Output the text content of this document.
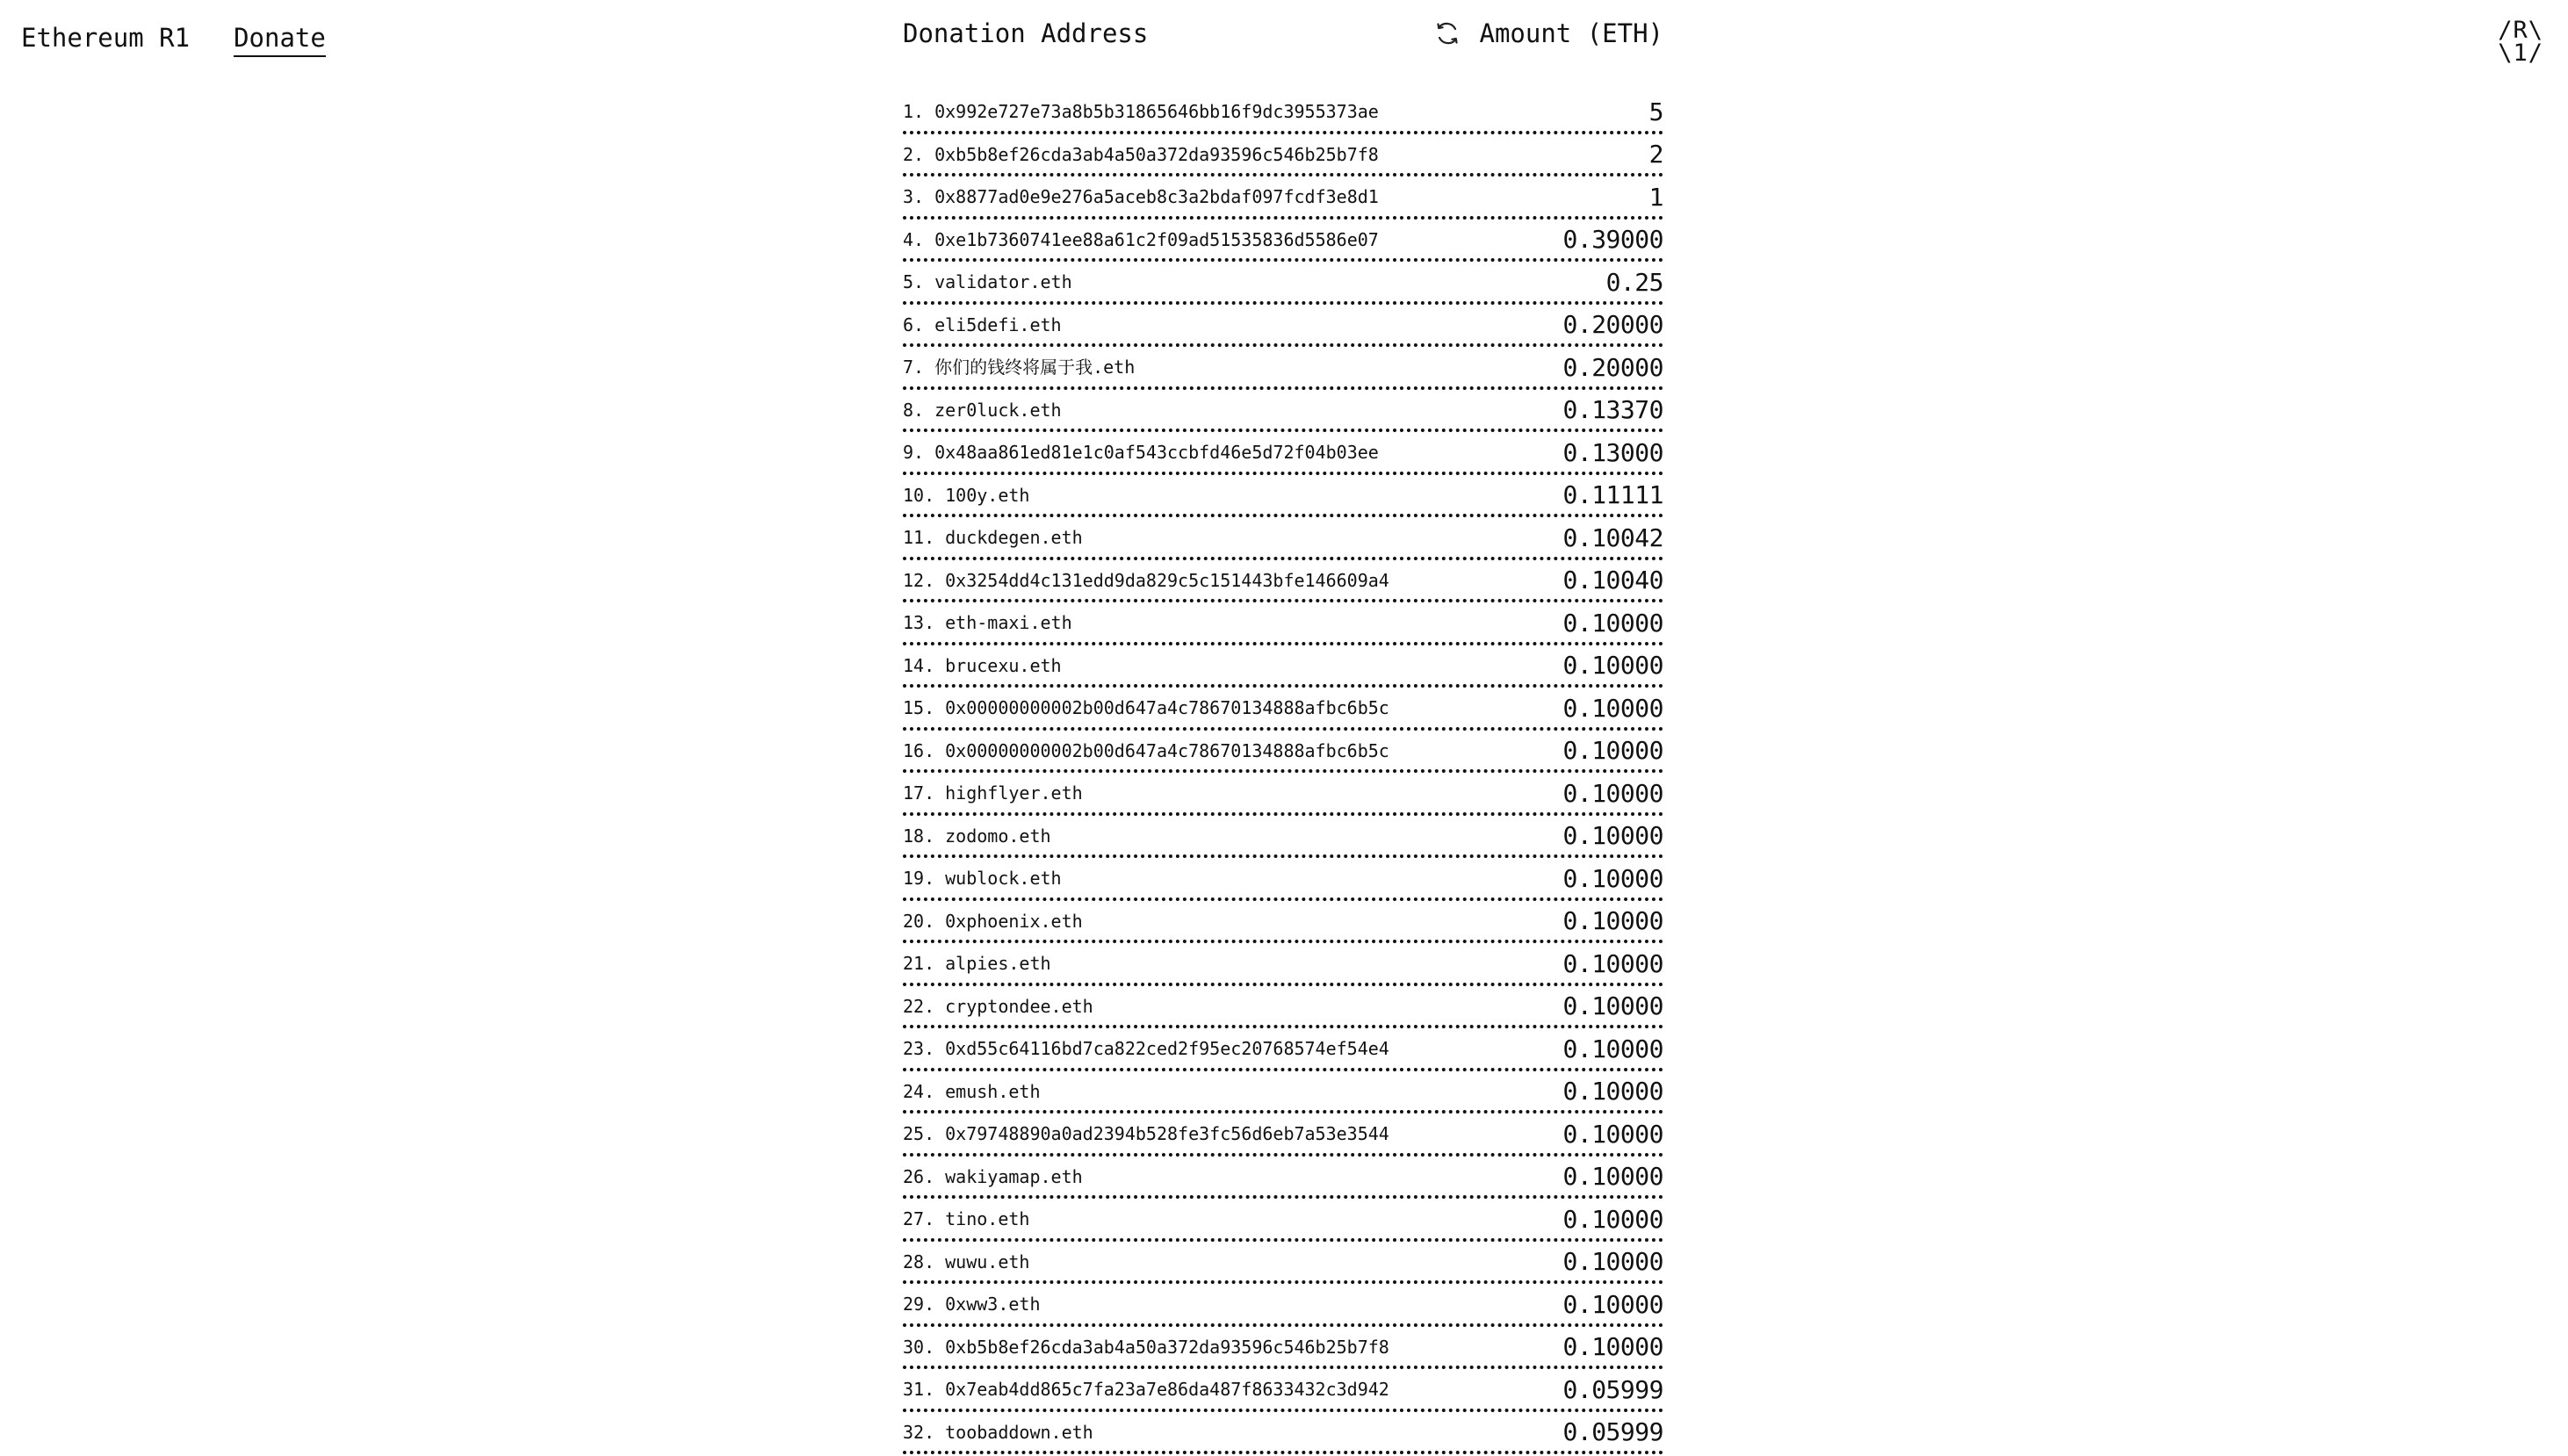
Ethereum R1 Donate	/R\
\1/
Donation Address	Amount (ETH)
1. 0x992e727e73a8b5b31865646bb16f9dc3955373ae	5
2. 0xb5b8ef26cda3ab4a50a372da93596c546b25b7f8	2
3. 0x8877ad0e9e276a5aceb8c3a2bdaf097fcdf3e8d1	1
4. 0xe1b7360741ee88a61c2f09ad51535836d5586e07	0.39000
5. validator.eth	0.25
6. eli5defi.eth	0.20000
7. 你们的钱终将属于我.eth	0.20000
8. zer0luck.eth	0.13370
9. 0x48aa861ed81e1c0af543ccbfd46e5d72f04b03ee	0.13000
10. 100y.eth	0.11111
11. duckdegen.eth	0.10042
12. 0x3254dd4c131edd9da829c5c151443bfe146609a4	0.10040
13. eth-maxi.eth	0.10000
14. brucexu.eth	0.10000
15. 0x00000000002b00d647a4c78670134888afbc6b5c	0.10000
16. 0x00000000002b00d647a4c78670134888afbc6b5c	0.10000
17. highflyer.eth	0.10000
18. zodomo.eth	0.10000
19. wublock.eth	0.10000
20. 0xphoenix.eth	0.10000
21. alpies.eth	0.10000
22. cryptondee.eth	0.10000
23. 0xd55c64116bd7ca822ced2f95ec20768574ef54e4	0.10000
24. emush.eth	0.10000
25. 0x79748890a0ad2394b528fe3fc56d6eb7a53e3544	0.10000
26. wakiyamap.eth	0.10000
27. tino.eth	0.10000
28. wuwu.eth	0.10000
29. 0xww3.eth	0.10000
30. 0xb5b8ef26cda3ab4a50a372da93596c546b25b7f8	0.10000
31. 0x7eab4dd865c7fa23a7e86da487f8633432c3d942	0.05999
32. toobaddown.eth	0.05999
